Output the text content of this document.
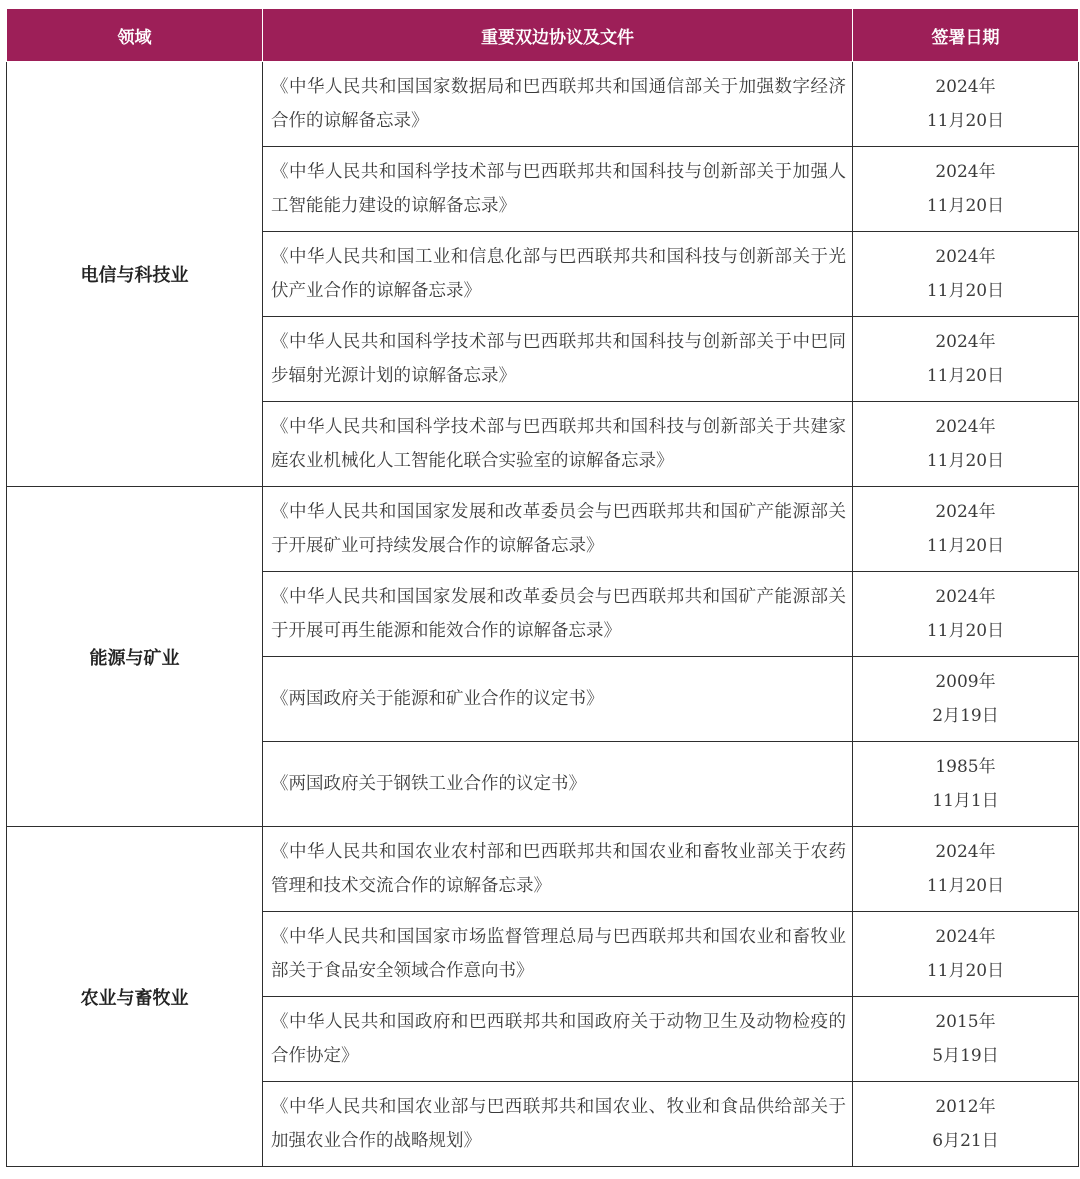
领域	重要双边协议及文件	签署日期
电信与科技业	《中华人民共和国国家数据局和巴西联邦共和国通信部关于加强数字经济合作的谅解备忘录》	2024年
11月20日

	《中华人民共和国科学技术部与巴西联邦共和国科技与创新部关于加强人工智能能力建设的谅解备忘录》	2024年
11月20日

	《中华人民共和国工业和信息化部与巴西联邦共和国科技与创新部关于光伏产业合作的谅解备忘录》	2024年
11月20日

	《中华人民共和国科学技术部与巴西联邦共和国科技与创新部关于中巴同步辐射光源计划的谅解备忘录》	2024年
11月20日

	《中华人民共和国科学技术部与巴西联邦共和国科技与创新部关于共建家庭农业机械化人工智能化联合实验室的谅解备忘录》	2024年
11月20日

能源与矿业	《中华人民共和国国家发展和改革委员会与巴西联邦共和国矿产能源部关于开展矿业可持续发展合作的谅解备忘录》	2024年
11月20日

	《中华人民共和国国家发展和改革委员会与巴西联邦共和国矿产能源部关于开展可再生能源和能效合作的谅解备忘录》	2024年
11月20日

	《两国政府关于能源和矿业合作的议定书》	2009年
2月19日

	《两国政府关于钢铁工业合作的议定书》	1985年
11月1日

农业与畜牧业	《中华人民共和国农业农村部和巴西联邦共和国农业和畜牧业部关于农药管理和技术交流合作的谅解备忘录》	2024年
11月20日

	《中华人民共和国国家市场监督管理总局与巴西联邦共和国农业和畜牧业部关于食品安全领域合作意向书》	2024年
11月20日

	《中华人民共和国政府和巴西联邦共和国政府关于动物卫生及动物检疫的合作协定》	2015年
5月19日

	《中华人民共和国农业部与巴西联邦共和国农业、牧业和食品供给部关于加强农业合作的战略规划》	2012年
6月21日
